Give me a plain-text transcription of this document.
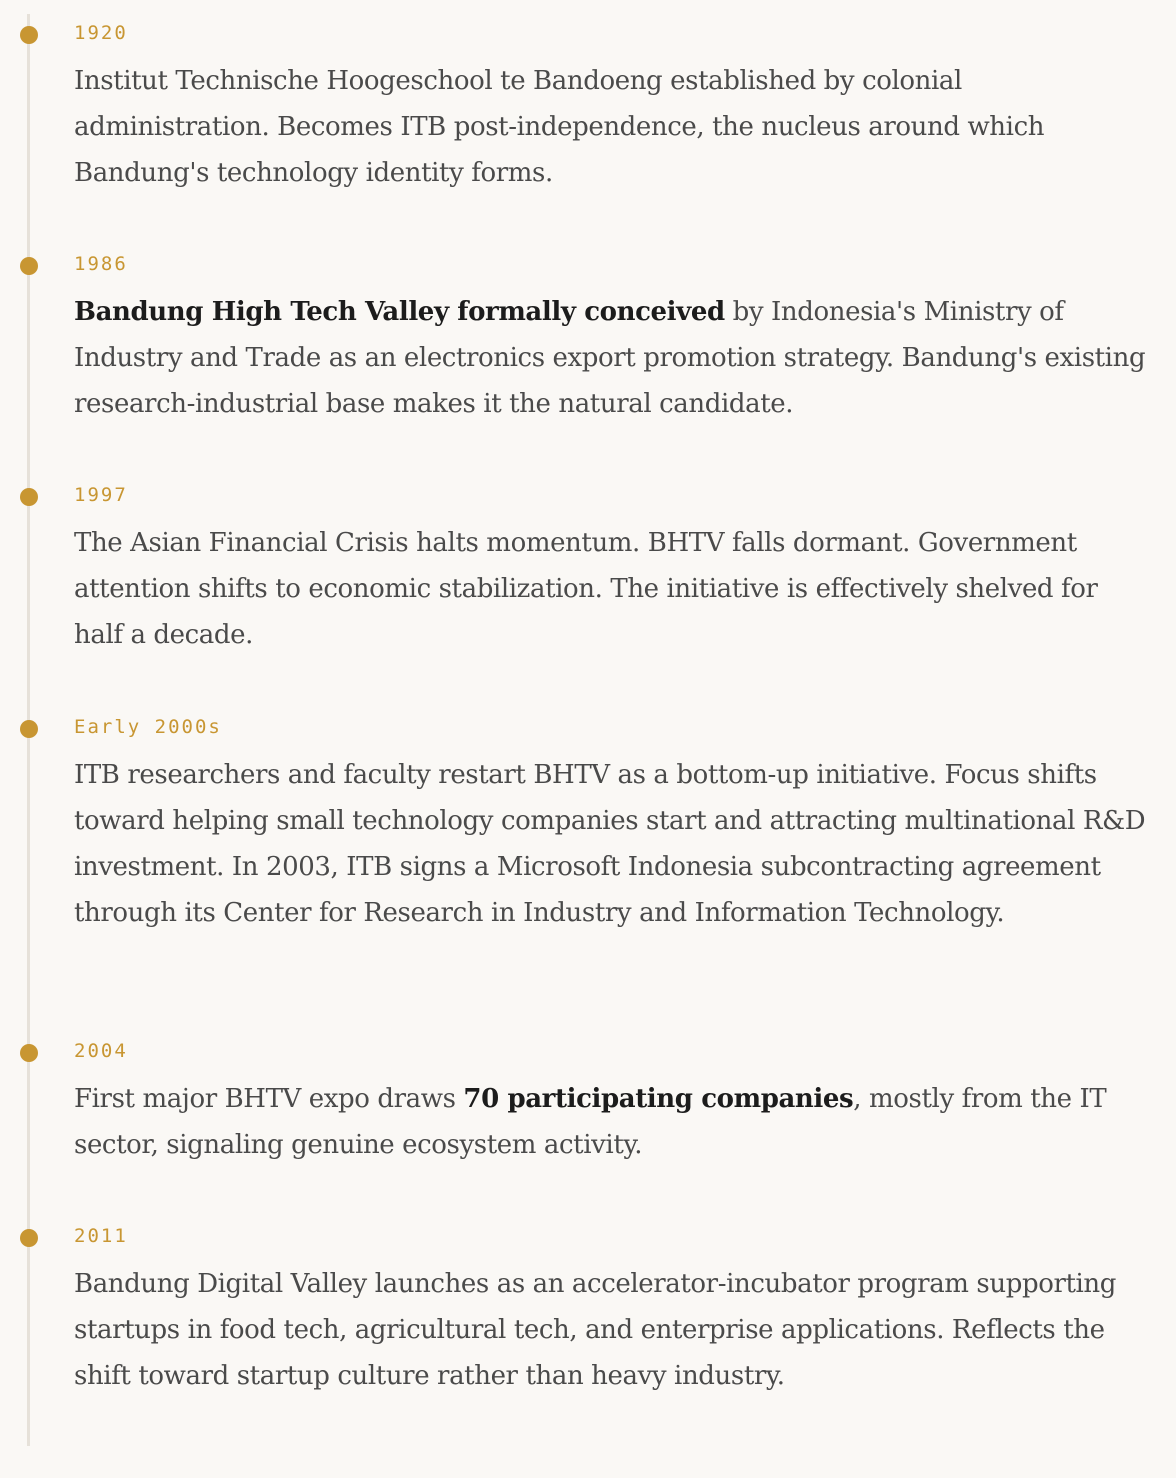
1920
Institut Technische Hoogeschool te Bandoeng established by colonial administration. Becomes ITB post-independence, the nucleus around which Bandung's technology identity forms.
1986
Bandung High Tech Valley formally conceived by Indonesia's Ministry of Industry and Trade as an electronics export promotion strategy. Bandung's existing research-industrial base makes it the natural candidate.
1997
The Asian Financial Crisis halts momentum. BHTV falls dormant. Government attention shifts to economic stabilization. The initiative is effectively shelved for half a decade.
Early 2000s
ITB researchers and faculty restart BHTV as a bottom-up initiative. Focus shifts toward helping small technology companies start and attracting multinational R&D investment. In 2003, ITB signs a Microsoft Indonesia subcontracting agreement through its Center for Research in Industry and Information Technology.
2004
First major BHTV expo draws 70 participating companies, mostly from the IT sector, signaling genuine ecosystem activity.
2011
Bandung Digital Valley launches as an accelerator-incubator program supporting startups in food tech, agricultural tech, and enterprise applications. Reflects the shift toward startup culture rather than heavy industry.
